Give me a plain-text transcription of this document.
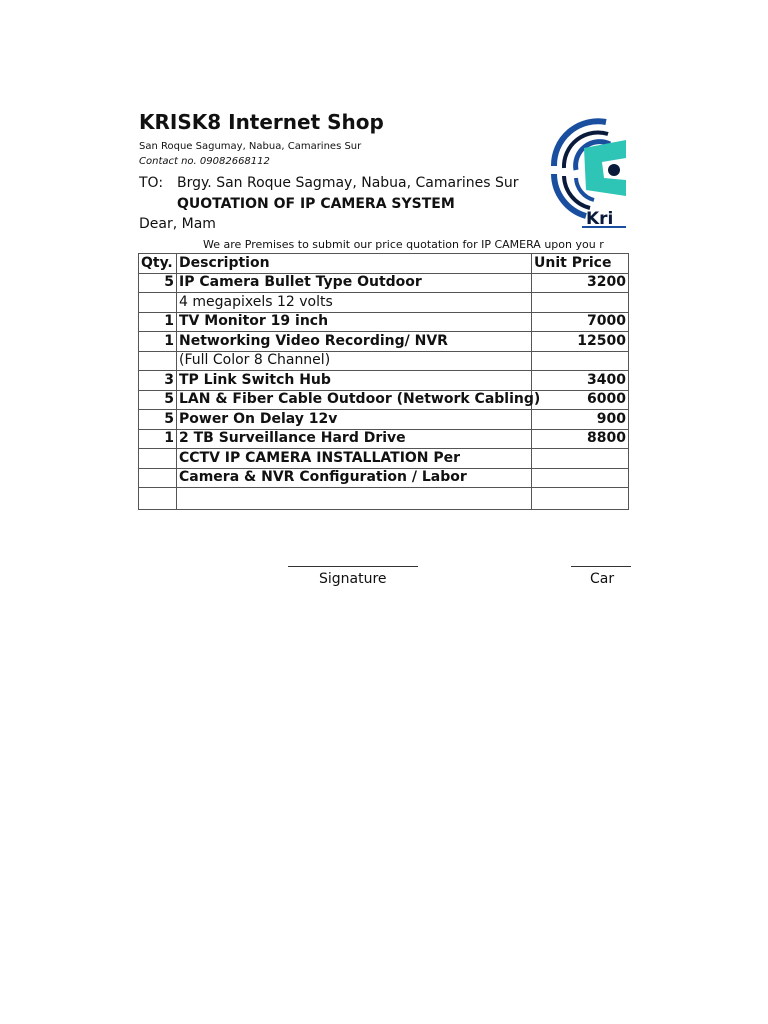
KRISK8 Internet Shop
San Roque Sagumay, Nabua, Camarines Sur
Contact no. 09082668112
Kri
TO: Brgy. San Roque Sagmay, Nabua, Camarines Sur
QUOTATION OF IP CAMERA SYSTEM
Dear, Mam
We are Premises to submit our price quotation for IP CAMERA upon you r
Qty.	Description	Unit Price
5	IP Camera Bullet Type Outdoor	3200
	4 megapixels 12 volts	
1	TV Monitor 19 inch	7000
1	Networking Video Recording/ NVR	12500
	(Full Color 8 Channel)	
3	TP Link Switch Hub	3400
5	LAN & Fiber Cable Outdoor (Network Cabling)	6000
5	Power On Delay 12v	900
1	2 TB Surveillance Hard Drive	8800
	CCTV IP CAMERA INSTALLATION Per	
	Camera & NVR Configuration / Labor	

Signature	Car
